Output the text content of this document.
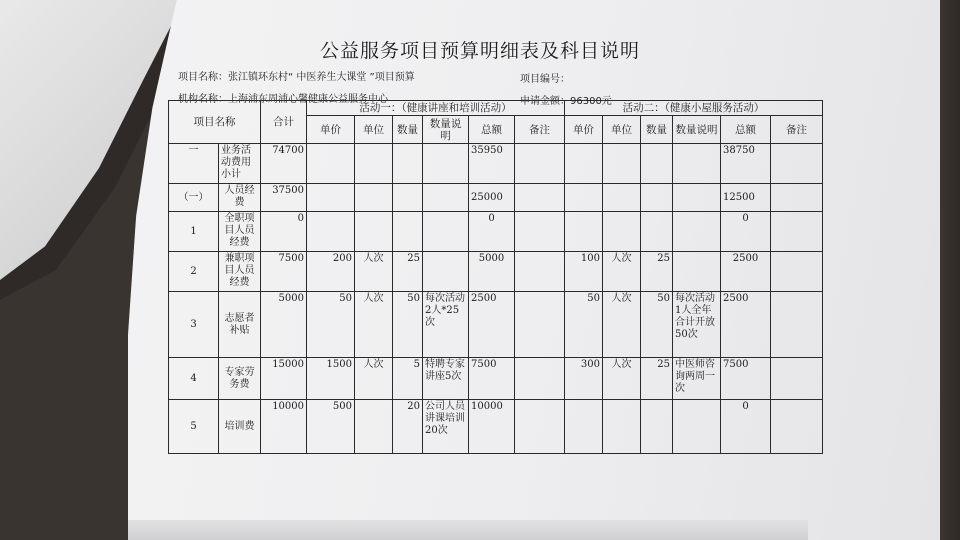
公益服务项目预算明细表及科目说明
项目名称：张江镇环东村“ 中医养生大课堂 ”项目预算	项目编号：
机构名称：上海浦东周浦心馨健康公益服务中心	申请金额：96300元
项目名称		合计	活动一：（健康讲座和培训活动）						活动二：（健康小屋服务活动）					
			单价	单位	数量	数量说明	总额	备注	单价	单位	数量	数量说明	总额	备注
一	业务活动费用小计	74700					35950						38750	
（一）	人员经费	37500					25000						12500	
1	全职项目人员经费	0					0						0	
2	兼职项目人员经费	7500	200	人次	25		5000		100	人次	25		2500	
3	志愿者补贴	5000	50	人次	50	每次活动2人*25次	2500		50	人次	50	每次活动1人全年合计开放50次	2500	
4	专家劳务费	15000	1500	人次	5	特聘专家讲座5次	7500		300	人次	25	中医师咨询两周一次	7500	
5	培训费	10000	500		20	公司人员讲课培训20次	10000						0	
